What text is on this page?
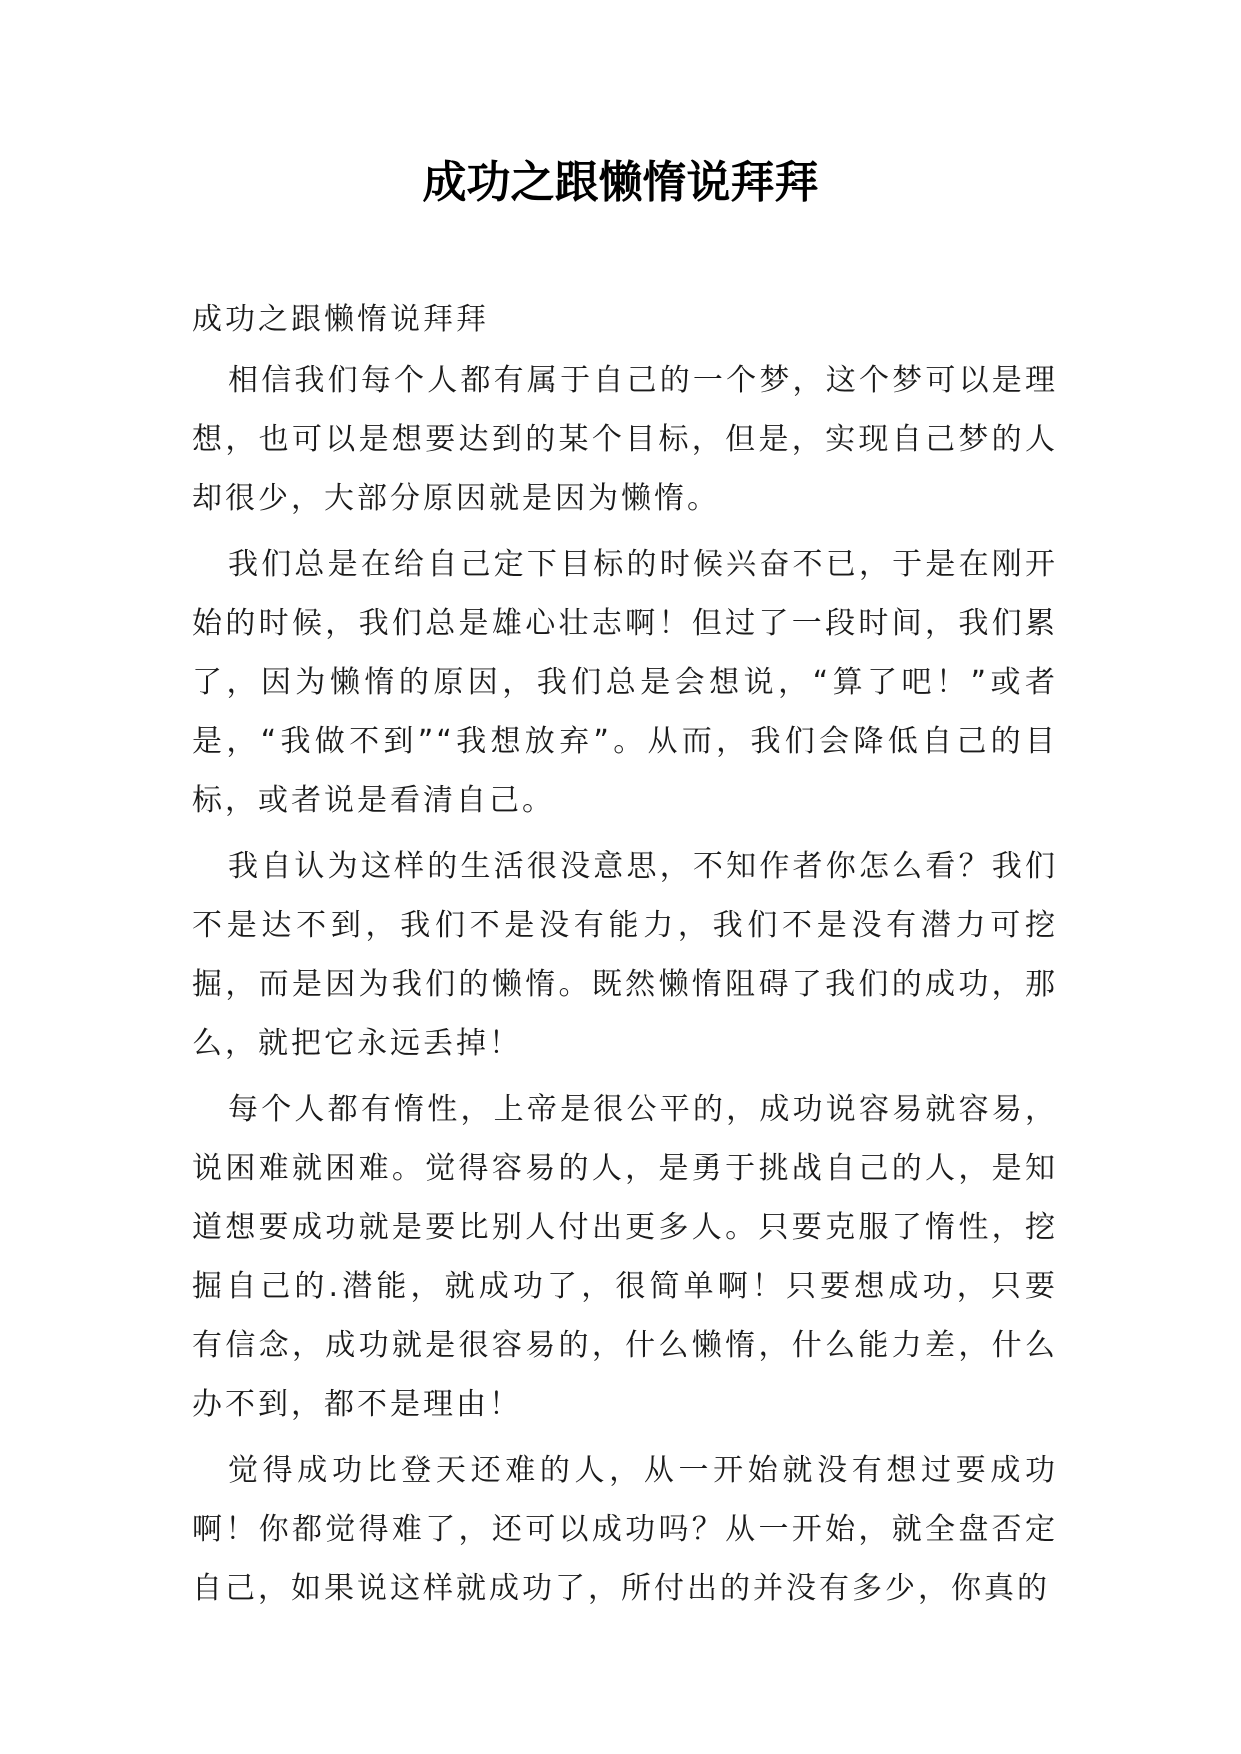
成功之跟懒惰说拜拜

成功之跟懒惰说拜拜

相信我们每个人都有属于自己的一个梦，这个梦可以是理想，也可以是想要达到的某个目标，但是，实现自己梦的人却很少，大部分原因就是因为懒惰。

我们总是在给自己定下目标的时候兴奋不已，于是在刚开始的时候，我们总是雄心壮志啊！但过了一段时间，我们累了，因为懒惰的原因，我们总是会想说，“算了吧！”或者是，“我做不到”“我想放弃”。从而，我们会降低自己的目标，或者说是看清自己。

我自认为这样的生活很没意思，不知作者你怎么看？我们不是达不到，我们不是没有能力，我们不是没有潜力可挖掘，而是因为我们的懒惰。既然懒惰阻碍了我们的成功，那么，就把它永远丢掉！

每个人都有惰性，上帝是很公平的，成功说容易就容易，说困难就困难。觉得容易的人，是勇于挑战自己的人，是知道想要成功就是要比别人付出更多人。只要克服了惰性，挖掘自己的.潜能，就成功了，很简单啊！只要想成功，只要有信念，成功就是很容易的，什么懒惰，什么能力差，什么办不到，都不是理由！

觉得成功比登天还难的人，从一开始就没有想过要成功啊！你都觉得难了，还可以成功吗？从一开始，就全盘否定自己，如果说这样就成功了，所付出的并没有多少，你真的
